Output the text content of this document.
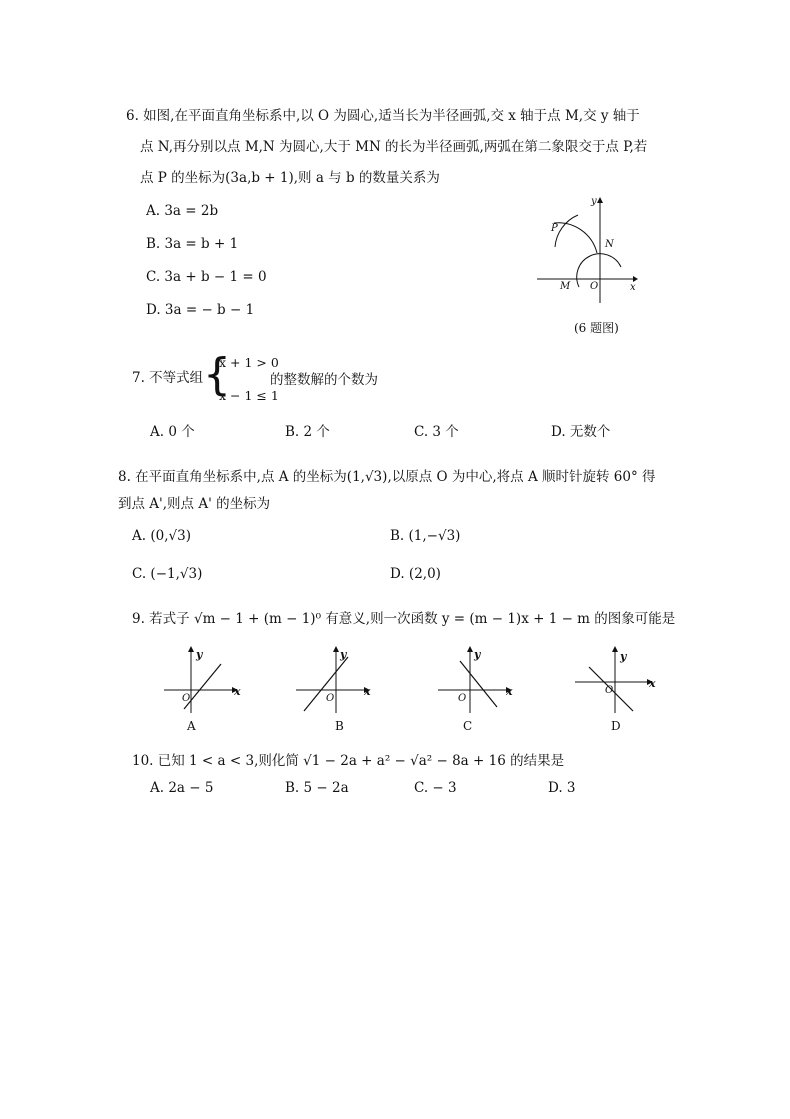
6. 如图,在平面直角坐标系中,以 O 为圆心,适当长为半径画弧,交 x 轴于点 M,交 y 轴于
点 N,再分别以点 M,N 为圆心,大于 MN 的长为半径画弧,两弧在第二象限交于点 P,若
点 P 的坐标为(3a,b + 1),则 a 与 b 的数量关系为
A. 3a = 2b
B. 3a = b + 1
C. 3a + b − 1 = 0
D. 3a = − b − 1
y
P
N
M O	x
(6 题图)
7. 不等式组 {
x + 1 > 0
x − 1 ≤ 1
的整数解的个数为
A. 0 个	B. 2 个	C. 3 个	D. 无数个
8. 在平面直角坐标系中,点 A 的坐标为(1,√3),以原点 O 为中心,将点 A 顺时针旋转 60° 得
到点 A',则点 A' 的坐标为
A. (0,√3)	B. (1,−√3)
C. (−1,√3)	D. (2,0)
9. 若式子 √m − 1 + (m − 1)⁰ 有意义,则一次函数 y = (m − 1)x + 1 − m 的图象可能是
y
O
x
A
y
O
x
B
y
O
x
C
y
O
x
D
10. 已知 1 < a < 3,则化简 √1 − 2a + a² − √a² − 8a + 16 的结果是
A. 2a − 5	B. 5 − 2a	C. − 3	D. 3
